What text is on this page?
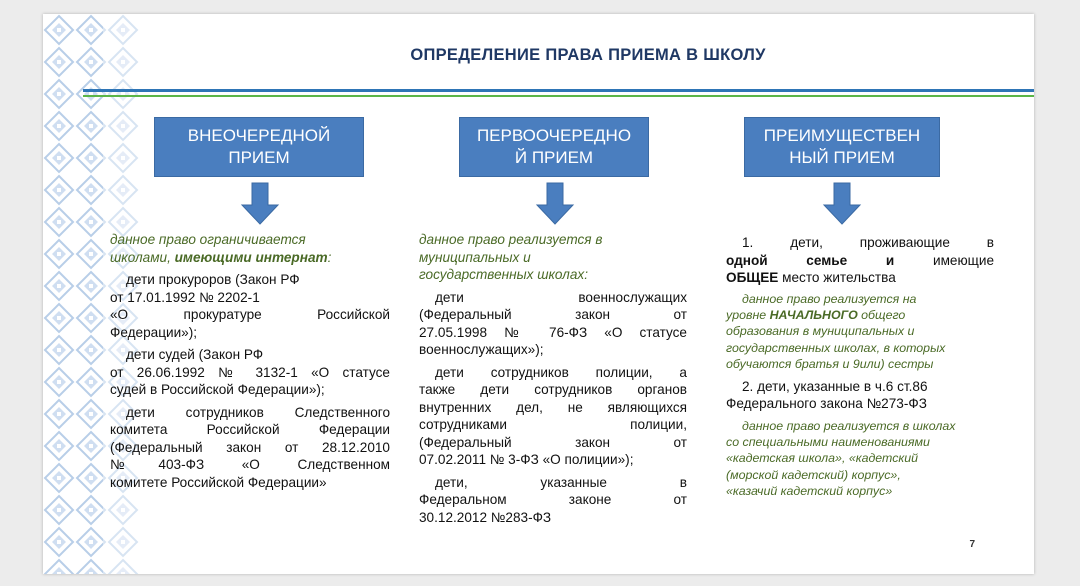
ОПРЕДЕЛЕНИЕ ПРАВА ПРИЕМА В ШКОЛУ
ВНЕОЧЕРЕДНОЙ
ПРИЕМ
ПЕРВООЧЕРЕДНО
Й ПРИЕМ
ПРЕИМУЩЕСТВЕН
НЫЙ ПРИЕМ

данное право ограничивается

школами, имеющими интернат:

дети прокуроров (Закон РФ

от 17.01.1992 № 2202-1

«О прокуратуре Российской

Федерации»);

дети судей (Закон РФ

от 26.06.1992 № 3132-1 «О статусе

судей в Российской Федерации»);

дети сотрудников Следственного

комитета Российской Федерации

(Федеральный закон от 28.12.2010

№403-ФЗ «О Следственном

комитете Российской Федерации»

данное право реализуется в

муниципальных и

государственных школах:

дети военнослужащих

(Федеральный закон от

27.05.1998 № 76-ФЗ «О статусе

военнослужащих»);

дети сотрудников полиции, а

также дети сотрудников органов

внутренних дел, не являющихся

сотрудниками полиции,

(Федеральный закон от

07.02.2011 № 3-ФЗ «О полиции»);

дети, указанные в

Федеральном законе от

30.12.2012 №283-ФЗ

1. дети, проживающие в

одной семье и имеющие

ОБЩЕЕ место жительства

данное право реализуется на

уровне НАЧАЛЬНОГО общего

образования в муниципальных и

государственных школах, в которых

обучаются братья и 9или) сестры

2. дети, указанные в ч.6 ст.86

Федерального закона №273-ФЗ

данное право реализуется в школах

со специальными наименованиями

«кадетская школа», «кадетский

(морской кадетский) корпус»,

«казачий кадетский корпус»

7
